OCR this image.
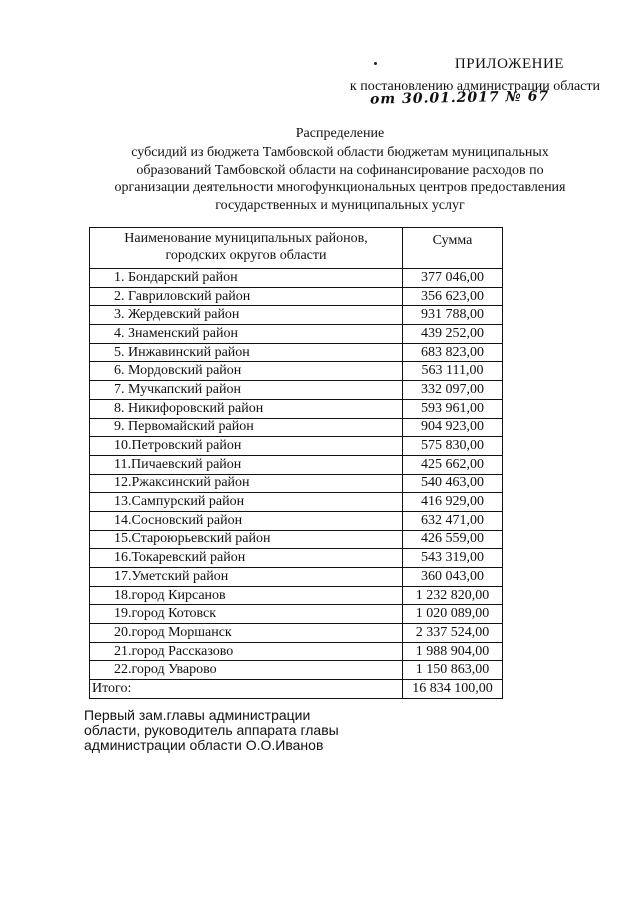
ПРИЛОЖЕНИЕ
к постановлению администрации области
от 30.01.2017 № 67
Распределение
субсидий из бюджета Тамбовской области бюджетам муниципальных
образований Тамбовской области на софинансирование расходов по
организации деятельности многофункциональных центров предоставления
государственных и муниципальных услуг
Наименование муниципальных районов,
городских округов области	Сумма
1. Бондарский район	377 046,00
2. Гавриловский район	356 623,00
3. Жердевский район	931 788,00
4. Знаменский район	439 252,00
5. Инжавинский район	683 823,00
6. Мордовский район	563 111,00
7. Мучкапский район	332 097,00
8. Никифоровский район	593 961,00
9. Первомайский район	904 923,00
10.Петровский район	575 830,00
11.Пичаевский район	425 662,00
12.Ржаксинский район	540 463,00
13.Сампурский район	416 929,00
14.Сосновский район	632 471,00
15.Староюрьевский район	426 559,00
16.Токаревский район	543 319,00
17.Уметский район	360 043,00
18.город Кирсанов	1 232 820,00
19.город Котовск	1 020 089,00
20.город Моршанск	2 337 524,00
21.город Рассказово	1 988 904,00
22.город Уварово	1 150 863,00
Итого:	16 834 100,00
Первый зам.главы администрации
области, руководитель аппарата главы
администрации области О.О.Иванов
